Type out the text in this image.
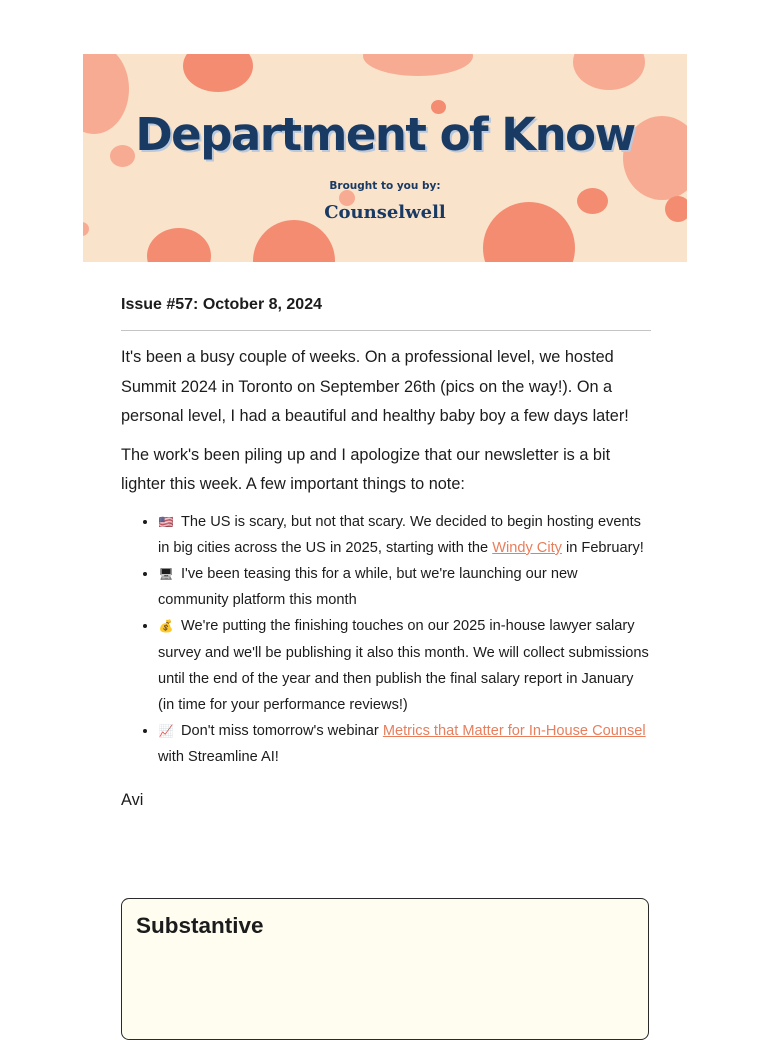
Department of Know
Brought to you by:
Counselwell

Issue #57: October 8, 2024

It's been a busy couple of weeks. On a professional level, we hosted Summit 2024 in Toronto on September 26th (pics on the way!). On a personal level, I had a beautiful and healthy baby boy a few days later!

The work's been piling up and I apologize that our newsletter is a bit lighter this week. A few important things to note:

• 🇺🇸 The US is scary, but not that scary. We decided to begin hosting events in big cities across the US in 2025, starting with the Windy City in February!
• 🖥 I've been teasing this for a while, but we're launching our new community platform this month
• 💰 We're putting the finishing touches on our 2025 in-house lawyer salary survey and we'll be publishing it also this month. We will collect submissions until the end of the year and then publish the final salary report in January (in time for your performance reviews!)
• 📈 Don't miss tomorrow's webinar Metrics that Matter for In-House Counsel with Streamline AI!
Avi
Substantive
